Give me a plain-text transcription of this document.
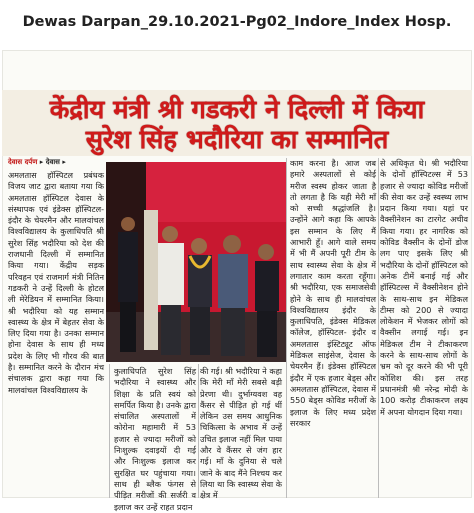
Dewas Darpan_29.10.2021-Pg02_Indore_Index Hosp.
केंद्रीय मंत्री श्री गडकरी ने दिल्ली में किया
सुरेश सिंह भदौरिया का सम्मानित
देवास दर्पण ▸ देवास ▸

अमलतास हॉस्पिटल प्रबंधक विजय जाट द्वारा बताया गया कि अमलतास हॉस्पिटल देवास के संस्थापक एवं इंडेक्स हॉस्पिटल- इंदौर के चेयरमैन और मालवांचल विश्वविद्यालय के कुलाधिपति श्री सुरेश सिंह भदौरिया को देश की राजधानी दिल्ली में सम्मानित किया गया। केंद्रीय सड़क परिवहन एवं राजमार्ग मंत्री नितिन गडकरी ने उन्हें दिल्ली के होटल ली मेरेडियन में सम्मानित किया। श्री भदौरिया को यह सम्मान स्वास्थ्य के क्षेत्र में बेहतर सेवा के लिए दिया गया है। उनका सम्मान होना देवास के साथ ही मध्य प्रदेश के लिए भी गौरव की बात है। सम्मानित करने के दौरान मंच संचालक द्वारा कहा गया कि मालवांचल विश्वविद्यालय के

कुलाधिपति सुरेश सिंह भदौरिया ने स्वास्थ्य और शिक्षा के प्रति स्वयं को समर्पित किया है। उनके द्वारा संचालित अस्पतालों में कोरोना महामारी में 53 हजार से ज्यादा मरीजों को निःशुल्क दवाइयों दी गई और निःशुल्क इलाज कर सुरक्षित घर पहुंचाया गया। साथ ही ब्लैक फंगस से पीड़ित मरीजों की सर्जरी व इलाज कर उन्हें राहत प्रदान

की गई। श्री भदौरिया ने कहा कि मेरी माँ मेरी सबसे बड़ी प्रेरणा थी। दुर्भाग्यवश वह कैंसर से पीड़ित हो गई थीं लेकिन उस समय आधुनिक चिकित्सा के अभाव में उन्हें उचित इलाज नहीं मिल पाया और वे कैंसर से जंग हार गई। माँ के दुनिया से चले जाने के बाद मैंने निश्चय कर लिया था कि स्वास्थ्य सेवा के क्षेत्र में

काम करना है। आज जब हमारे अस्पतालों से कोई मरीज स्वस्थ होकर जाता है तो लगता है कि यही मेरी माँ को सच्ची श्रद्धांजलि है। उन्होंने आगे कहा कि आपके इस सम्मान के लिए मैं आभारी हूँ। आगे वाले समय में भी मैं अपनी पूरी टीम के साथ स्वास्थ्य सेवा के क्षेत्र में लगातार काम करता रहूँगा। श्री भदौरिया, एक समाजसेवी होने के साथ ही मालवांचल विश्वविद्यालय इंदौर के कुलाधिपति, इंडेक्स मेडिकल कॉलेज, हॉस्पिटल- इंदौर व अमलतास इंस्टिट्यूट ऑफ मेडिकल साइंसेज, देवास के चेयरमैन हैं। इंडेक्स हॉस्पिटल इंदौर में एक हजार बेड्स और अमलतास हॉस्पिटल, देवास में 550 बेड्स कोविड मरीजों के इलाज के लिए मध्य प्रदेश सरकार

से अधिकृत थे। श्री भदौरिया के दोनों हॉस्पिटल्स में 53 हजार से ज्यादा कोविड मरीजों की सेवा कर उन्हें स्वस्थ्य लाभ प्रदान किया गया। यहां पर वैक्सीनेशन का टारगेट अचीव किया गया। हर नागरिक को कोविड वैक्सीन के दोनों डोज लग पाए इसके लिए श्री भदौरिया के दोनों हॉस्पिटल को अनेक टीमें बनाई गई और हॉस्पिटल्स में वैक्सीनेशन होने के साथ-साथ इन मेडिकल टीम्स को 200 से ज्यादा लोकेशन में भेजकर लोगों को वैक्सीन लगाई गई। इन मेडिकल टीम ने टीकाकरण करने के साथ-साथ लोगों के भ्रम को दूर करने की भी पूरी कोशिश की। इस तरह प्रधानमंत्री श्री नरेन्द्र मोदी के 100 करोड़ टीकाकरण लक्ष्य में अपना योगदान दिया गया।
